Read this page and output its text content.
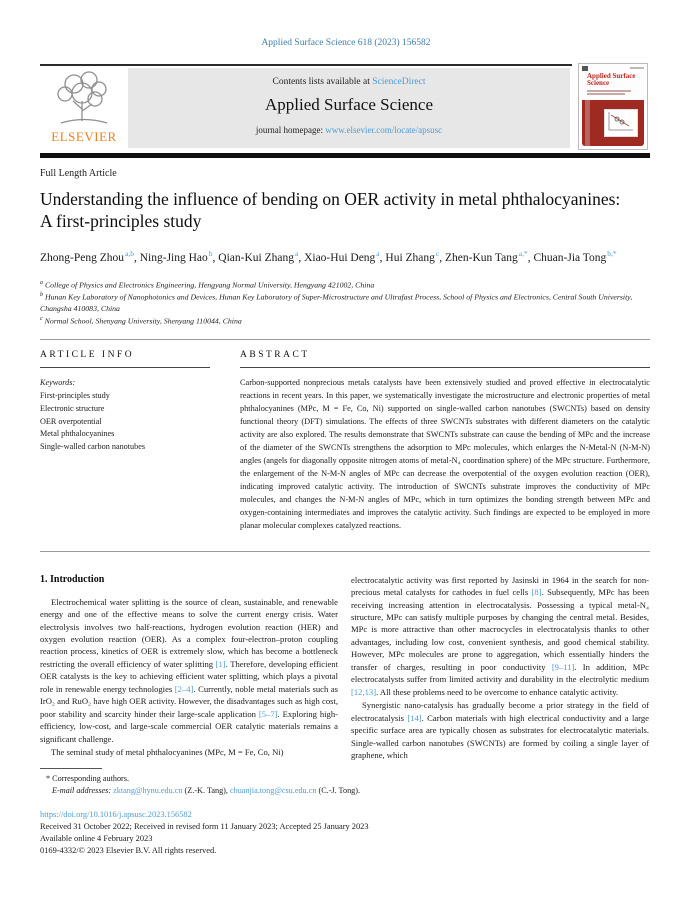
Applied Surface Science 618 (2023) 156582
ELSEVIER
Contents lists available at ScienceDirect
Applied Surface Science
journal homepage: www.elsevier.com/locate/apsusc
Applied Surface Science
Full Length Article
Understanding the influence of bending on OER activity in metal phthalocyanines: A first-principles study
Zhong-Peng Zhou$^{a,b}$, Ning-Jing Hao$^b$, Qian-Kui Zhang$^a$, Xiao-Hui Deng$^a$, Hui Zhang$^c$, Zhen-Kun Tang$^{a,*}$, Chuan-Jia Tong$^{b,*}$
$^a$ College of Physics and Electronics Engineering, Hengyang Normal University, Hengyang 421002, China
$^b$ Hunan Key Laboratory of Nanophotonics and Devices, Hunan Key Laboratory of Super-Microstructure and Ultrafast Process, School of Physics and Electronics, Central South University, Changsha 410083, China
$^c$ Normal School, Shenyang University, Shenyang 110044, China
ARTICLE INFO
Keywords:
First-principles study
Electronic structure
OER overpotential
Metal phthalocyanines
Single-walled carbon nanotubes
ABSTRACT

Carbon-supported nonprecious metals catalysts have been extensively studied and proved effective in electrocatalytic reactions in recent years. In this paper, we systematically investigate the microstructure and electronic properties of metal phthalocyanines (MPc, M = Fe, Co, Ni) supported on single-walled carbon nanotubes (SWCNTs) based on density functional theory (DFT) simulations. The effects of three SWCNTs substrates with different diameters on the catalytic activity are also explored. The results demonstrate that SWCNTs substrate can cause the bending of MPc and the increase of the diameter of the SWCNTs strengthens the adsorption to MPc molecules, which enlarges the N-Metal-N (N-M-N) angles (angels for diagonally opposite nitrogen atoms of metal-N₄ coordination sphere) of the MPc structure. Furthermore, the enlargement of the N-M-N angles of MPc can decrease the overpotential of the oxygen evolution reaction (OER), indicating improved catalytic activity. The introduction of SWCNTs substrate improves the conductivity of MPc molecules, and changes the N-M-N angles of MPc, which in turn optimizes the bonding strength between MPc and oxygen-containing intermediates and improves the catalytic activity. Such findings are expected to be employed in more planar molecular complexes catalyzed reactions.

1. Introduction

Electrochemical water splitting is the source of clean, sustainable, and renewable energy and one of the effective means to solve the current energy crisis. Water electrolysis involves two half-reactions, hydrogen evolution reaction (HER) and oxygen evolution reaction (OER). As a complex four-electron–proton coupling reaction process, kinetics of OER is extremely slow, which has become a bottleneck restricting the overall efficiency of water splitting [1]. Therefore, developing efficient OER catalysts is the key to achieving efficient water splitting, which plays a pivotal role in renewable energy technologies [2–4]. Currently, noble metal materials such as IrO₂ and RuO₂ have high OER activity. However, the disadvantages such as high cost, poor stability and scarcity hinder their large-scale application [5–7]. Exploring high-efficiency, low-cost, and large-scale commercial OER catalytic materials remains a significant challenge.

The seminal study of metal phthalocyanines (MPc, M = Fe, Co, Ni)

electrocatalytic activity was first reported by Jasinski in 1964 in the search for non-precious metal catalysts for cathodes in fuel cells [8]. Subsequently, MPc has been receiving increasing attention in electrocatalysis. Possessing a typical metal-N₄ structure, MPc can satisfy multiple purposes by changing the central metal. Besides, MPc is more attractive than other macrocycles in electrocatalysis thanks to other advantages, including low cost, convenient synthesis, and good chemical stability. However, MPc molecules are prone to aggregation, which essentially hinders the transfer of charges, resulting in poor conductivity [9–11]. In addition, MPc electrocatalysts suffer from limited activity and durability in the electrolytic medium [12,13]. All these problems need to be overcome to enhance catalytic activity.

Synergistic nano-catalysis has gradually become a prior strategy in the field of electrocatalysis [14]. Carbon materials with high electrical conductivity and a large specific surface area are typically chosen as substrates for electrocatalytic materials. Single-walled carbon nanotubes (SWCNTs) are formed by coiling a single layer of graphene, which

* Corresponding authors.
E-mail addresses: zktang@hynu.edu.cn (Z.-K. Tang), chuanjia.tong@csu.edu.cn (C.-J. Tong).
https://doi.org/10.1016/j.apsusc.2023.156582
Received 31 October 2022; Received in revised form 11 January 2023; Accepted 25 January 2023
Available online 4 February 2023
0169-4332/© 2023 Elsevier B.V. All rights reserved.
